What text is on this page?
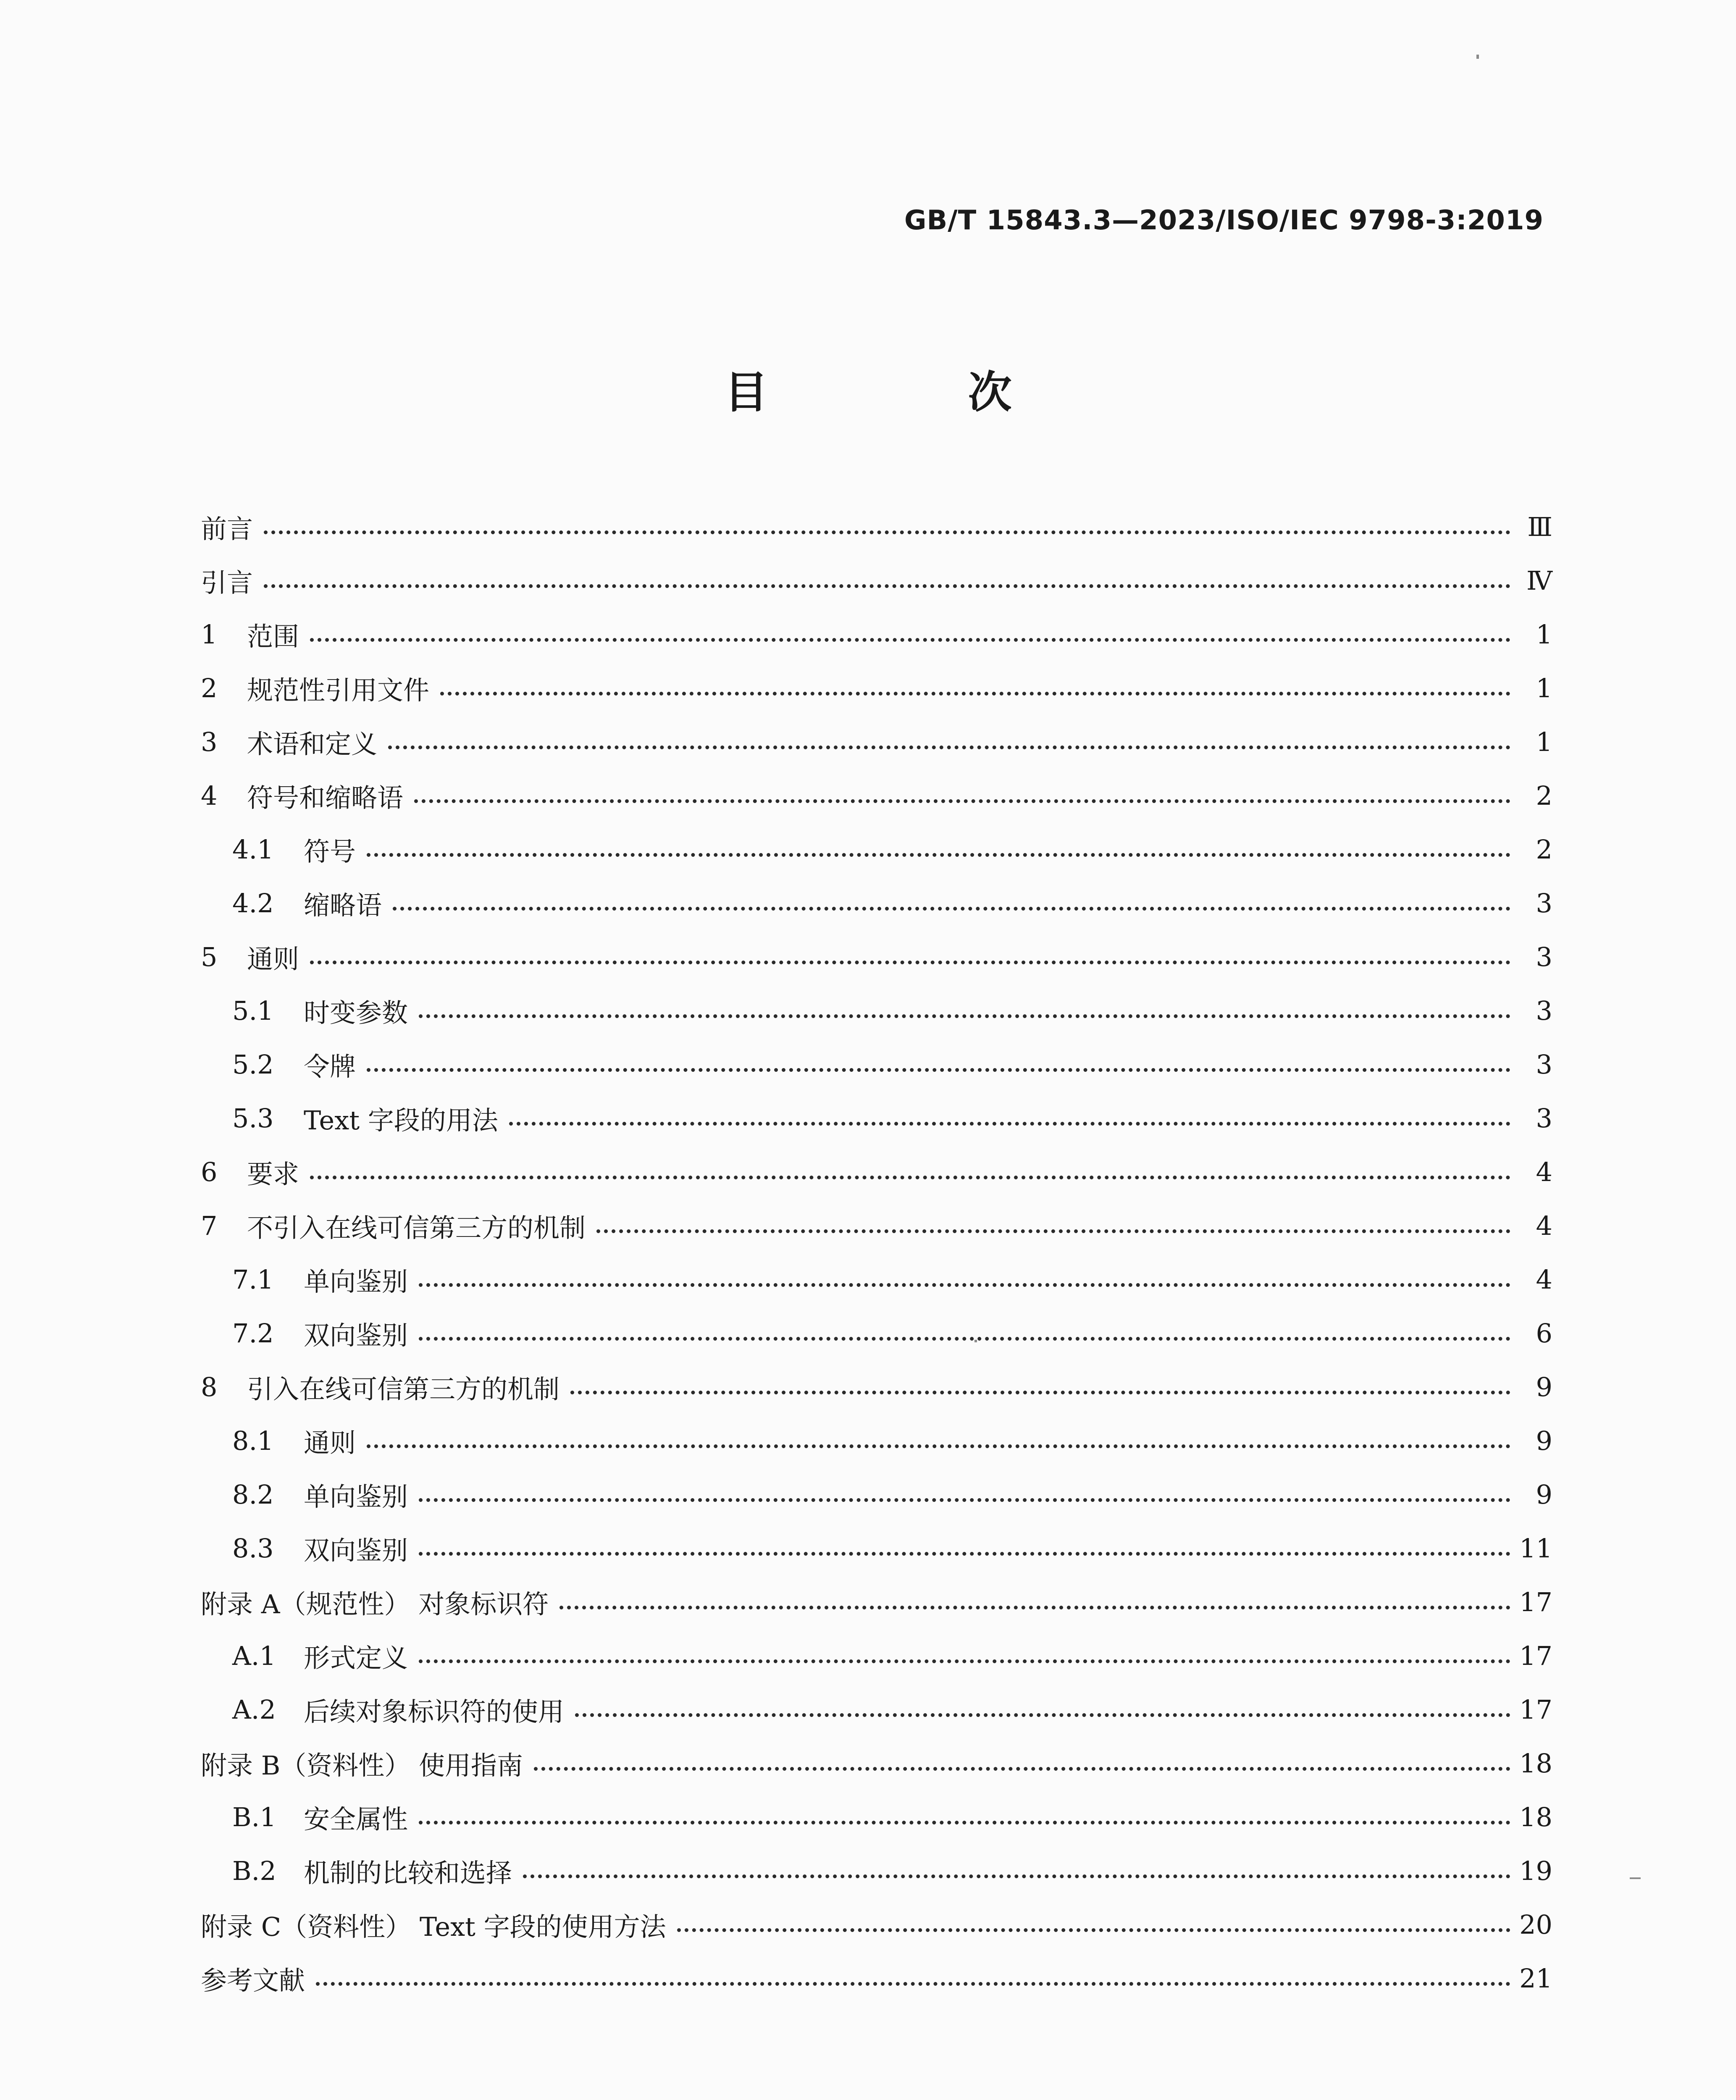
GB/T 15843.3—2023/ISO/IEC 9798-3:2019
目 次
前言	Ⅲ
引言	Ⅳ
1	范围	1
2	规范性引用文件	1
3	术语和定义	1
4	符号和缩略语	2
4.1	符号	2
4.2	缩略语	3
5	通则	3
5.1	时变参数	3
5.2	令牌	3
5.3	Text 字段的用法	3
6	要求	4
7	不引入在线可信第三方的机制	4
7.1	单向鉴别	4
7.2	双向鉴别	6
8	引入在线可信第三方的机制	9
8.1	通则	9
8.2	单向鉴别	9
8.3	双向鉴别	11
附录 A（规范性） 对象标识符	17
A.1	形式定义	17
A.2	后续对象标识符的使用	17
附录 B（资料性） 使用指南	18
B.1	安全属性	18
B.2	机制的比较和选择	19
附录 C（资料性） Text 字段的使用方法	20
参考文献	21
